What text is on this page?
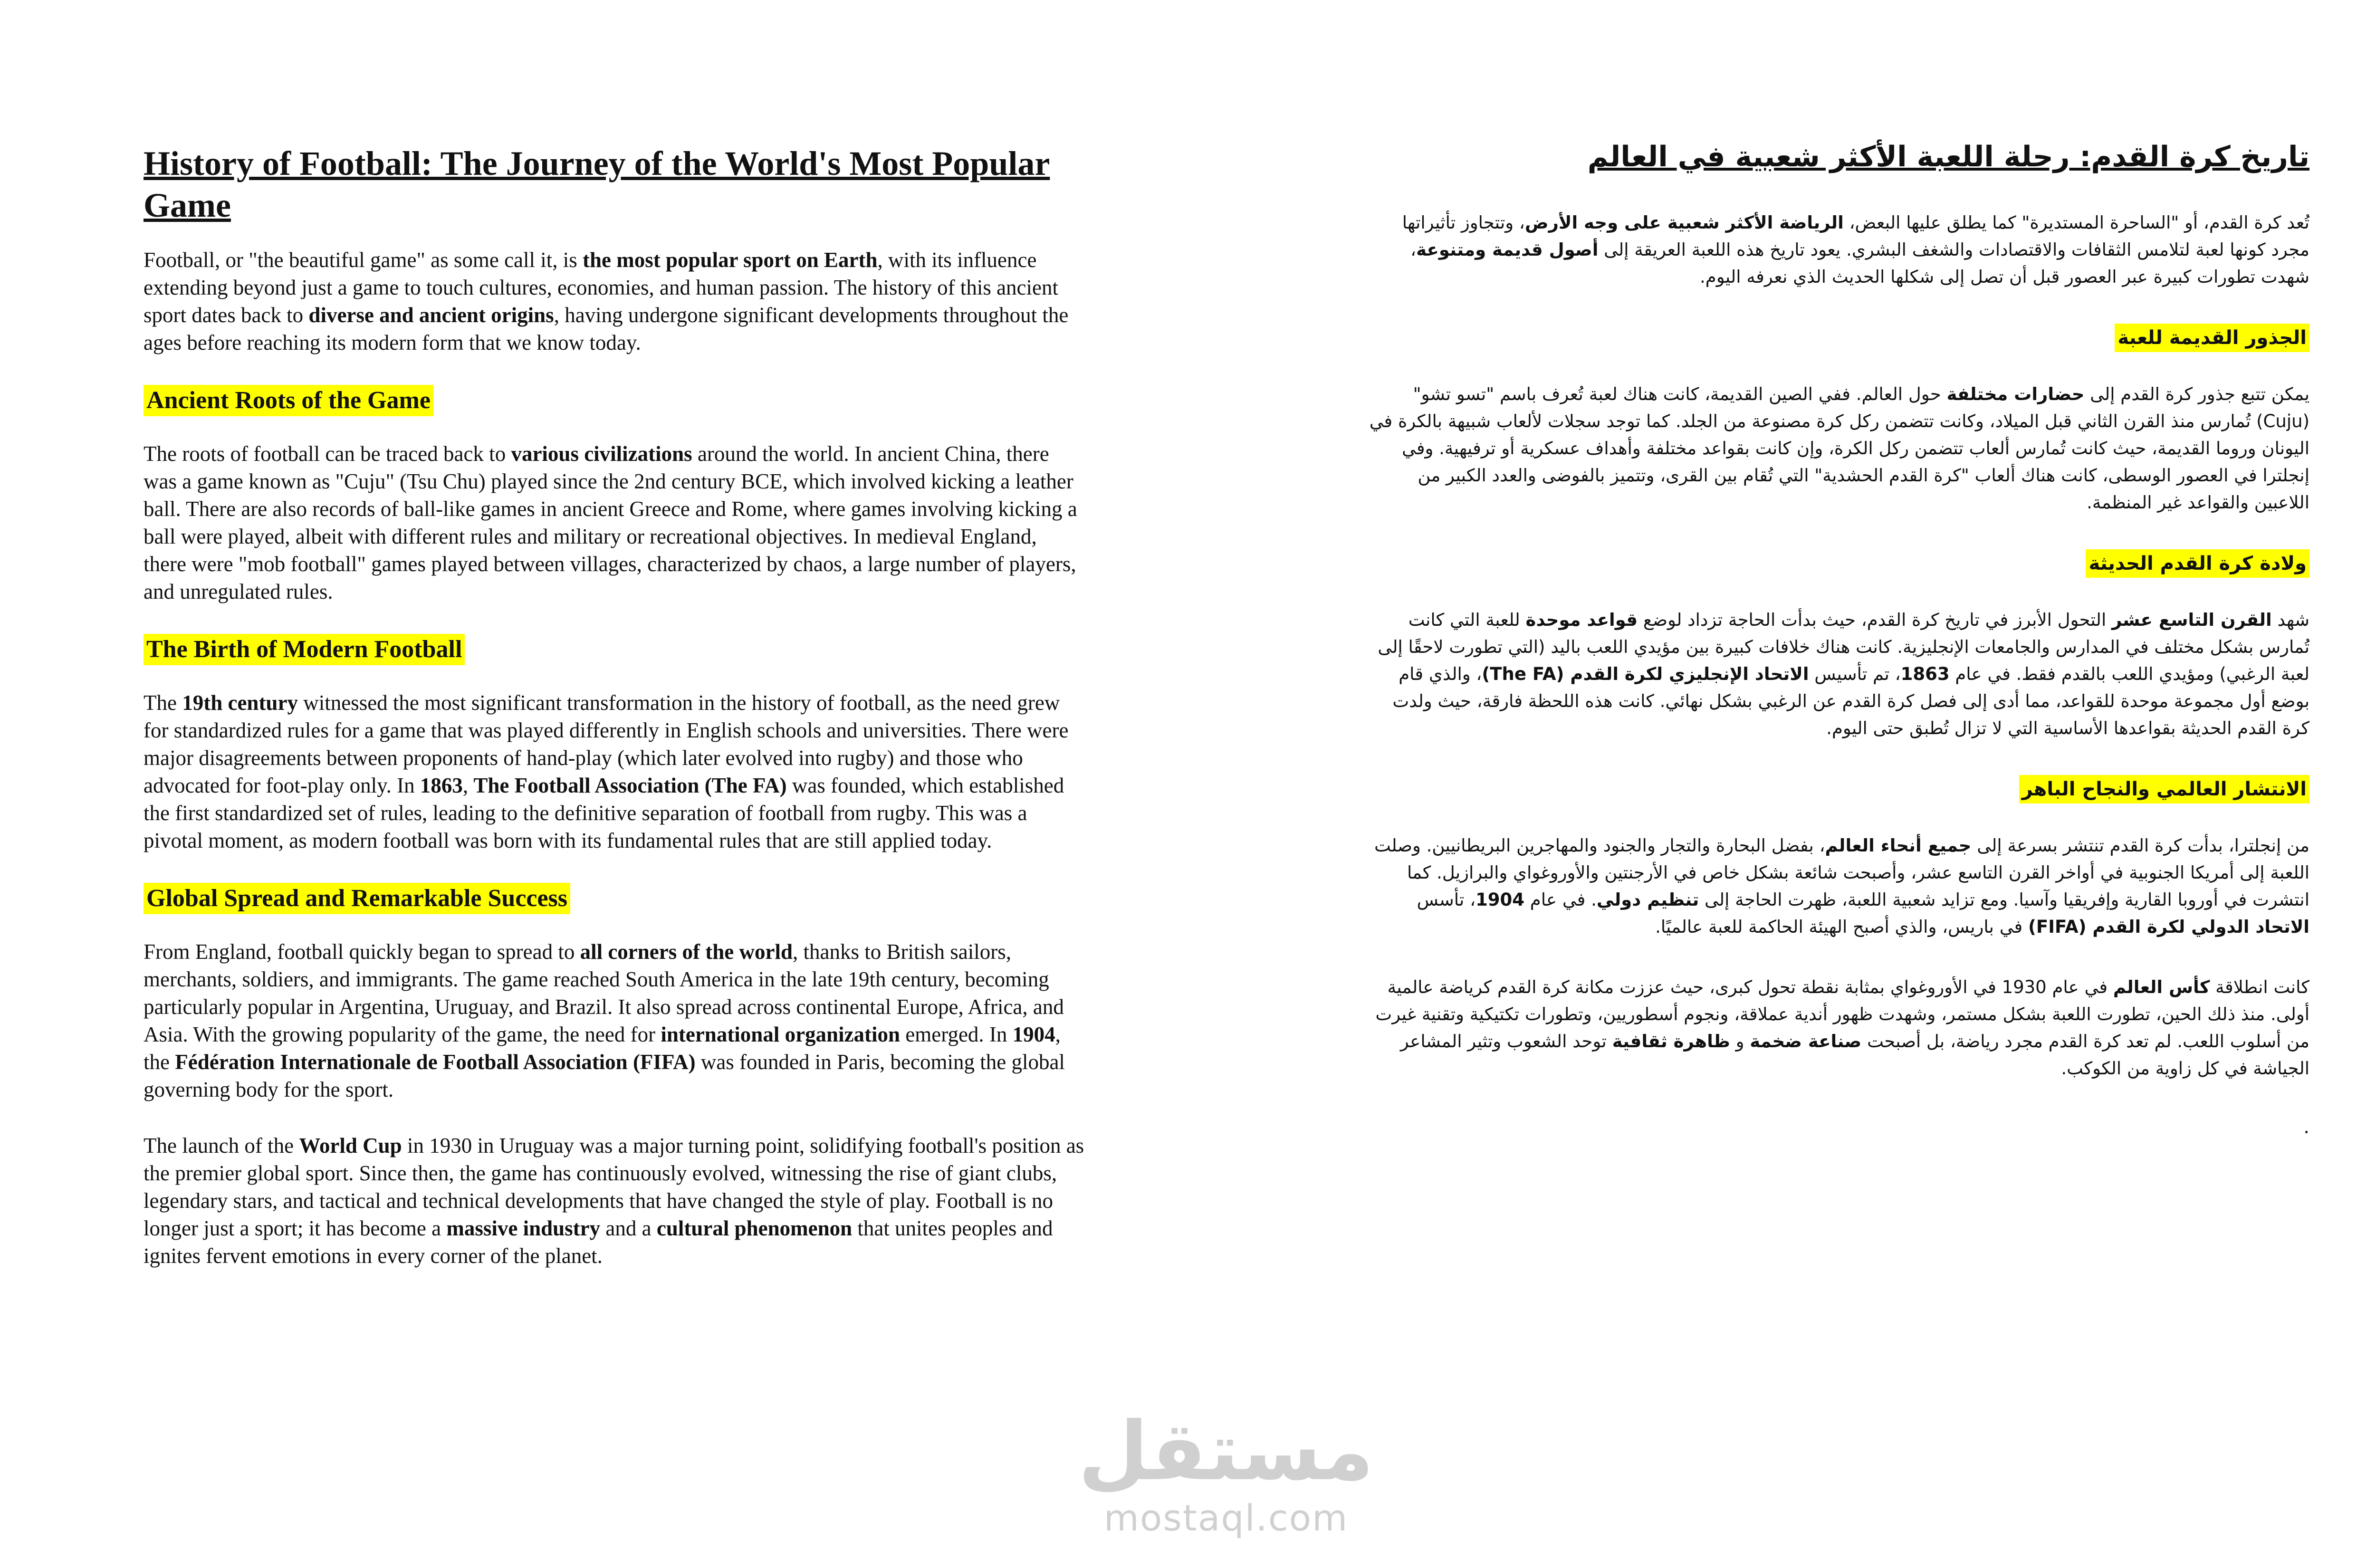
History of Football: The Journey of the World's Most Popular Game

Football, or "the beautiful game" as some call it, is the most popular sport on Earth, with its influence extending beyond just a game to touch cultures, economies, and human passion. The history of this ancient sport dates back to diverse and ancient origins, having undergone significant developments throughout the ages before reaching its modern form that we know today.

Ancient Roots of the Game

The roots of football can be traced back to various civilizations around the world. In ancient China, there was a game known as "Cuju" (Tsu Chu) played since the 2nd century BCE, which involved kicking a leather ball. There are also records of ball-like games in ancient Greece and Rome, where games involving kicking a ball were played, albeit with different rules and military or recreational objectives. In medieval England, there were "mob football" games played between villages, characterized by chaos, a large number of players, and unregulated rules.

The Birth of Modern Football

The 19th century witnessed the most significant transformation in the history of football, as the need grew for standardized rules for a game that was played differently in English schools and universities. There were major disagreements between proponents of hand-play (which later evolved into rugby) and those who advocated for foot-play only. In 1863, The Football Association (The FA) was founded, which established the first standardized set of rules, leading to the definitive separation of football from rugby. This was a pivotal moment, as modern football was born with its fundamental rules that are still applied today.

Global Spread and Remarkable Success

From England, football quickly began to spread to all corners of the world, thanks to British sailors, merchants, soldiers, and immigrants. The game reached South America in the late 19th century, becoming particularly popular in Argentina, Uruguay, and Brazil. It also spread across continental Europe, Africa, and Asia. With the growing popularity of the game, the need for international organization emerged. In 1904, the Fédération Internationale de Football Association (FIFA) was founded in Paris, becoming the global governing body for the sport.

The launch of the World Cup in 1930 in Uruguay was a major turning point, solidifying football's position as the premier global sport. Since then, the game has continuously evolved, witnessing the rise of giant clubs, legendary stars, and tactical and technical developments that have changed the style of play. Football is no longer just a sport; it has become a massive industry and a cultural phenomenon that unites peoples and ignites fervent emotions in every corner of the planet.

تاريخ كرة القدم: رحلة اللعبة الأكثر شعبية في العالم

تُعد كرة القدم، أو "الساحرة المستديرة" كما يطلق عليها البعض، الرياضة الأكثر شعبية على وجه الأرض، وتتجاوز تأثيراتها مجرد كونها لعبة لتلامس الثقافات والاقتصادات والشغف البشري. يعود تاريخ هذه اللعبة العريقة إلى أصول قديمة ومتنوعة، شهدت تطورات كبيرة عبر العصور قبل أن تصل إلى شكلها الحديث الذي نعرفه اليوم.

الجذور القديمة للعبة

يمكن تتبع جذور كرة القدم إلى حضارات مختلفة حول العالم. ففي الصين القديمة، كانت هناك لعبة تُعرف باسم "تسو تشو" (Cuju) تُمارس منذ القرن الثاني قبل الميلاد، وكانت تتضمن ركل كرة مصنوعة من الجلد. كما توجد سجلات لألعاب شبيهة بالكرة في اليونان وروما القديمة، حيث كانت تُمارس ألعاب تتضمن ركل الكرة، وإن كانت بقواعد مختلفة وأهداف عسكرية أو ترفيهية. وفي إنجلترا في العصور الوسطى، كانت هناك ألعاب "كرة القدم الحشدية" التي تُقام بين القرى، وتتميز بالفوضى والعدد الكبير من اللاعبين والقواعد غير المنظمة.

ولادة كرة القدم الحديثة

شهد القرن التاسع عشر التحول الأبرز في تاريخ كرة القدم، حيث بدأت الحاجة تزداد لوضع قواعد موحدة للعبة التي كانت تُمارس بشكل مختلف في المدارس والجامعات الإنجليزية. كانت هناك خلافات كبيرة بين مؤيدي اللعب باليد (التي تطورت لاحقًا إلى لعبة الرغبي) ومؤيدي اللعب بالقدم فقط. في عام 1863، تم تأسيس الاتحاد الإنجليزي لكرة القدم (The FA)، والذي قام بوضع أول مجموعة موحدة للقواعد، مما أدى إلى فصل كرة القدم عن الرغبي بشكل نهائي. كانت هذه اللحظة فارقة، حيث ولدت كرة القدم الحديثة بقواعدها الأساسية التي لا تزال تُطبق حتى اليوم.

الانتشار العالمي والنجاح الباهر

من إنجلترا، بدأت كرة القدم تنتشر بسرعة إلى جميع أنحاء العالم، بفضل البحارة والتجار والجنود والمهاجرين البريطانيين. وصلت اللعبة إلى أمريكا الجنوبية في أواخر القرن التاسع عشر، وأصبحت شائعة بشكل خاص في الأرجنتين والأوروغواي والبرازيل. كما انتشرت في أوروبا القارية وإفريقيا وآسيا. ومع تزايد شعبية اللعبة، ظهرت الحاجة إلى تنظيم دولي. في عام 1904، تأسس الاتحاد الدولي لكرة القدم (FIFA) في باريس، والذي أصبح الهيئة الحاكمة للعبة عالميًا.

كانت انطلاقة كأس العالم في عام 1930 في الأوروغواي بمثابة نقطة تحول كبرى، حيث عززت مكانة كرة القدم كرياضة عالمية أولى. منذ ذلك الحين، تطورت اللعبة بشكل مستمر، وشهدت ظهور أندية عملاقة، ونجوم أسطوريين، وتطورات تكتيكية وتقنية غيرت من أسلوب اللعب. لم تعد كرة القدم مجرد رياضة، بل أصبحت صناعة ضخمة و ظاهرة ثقافية توحد الشعوب وتثير المشاعر الجياشة في كل زاوية من الكوكب.

.
مستقل
mostaql.com
